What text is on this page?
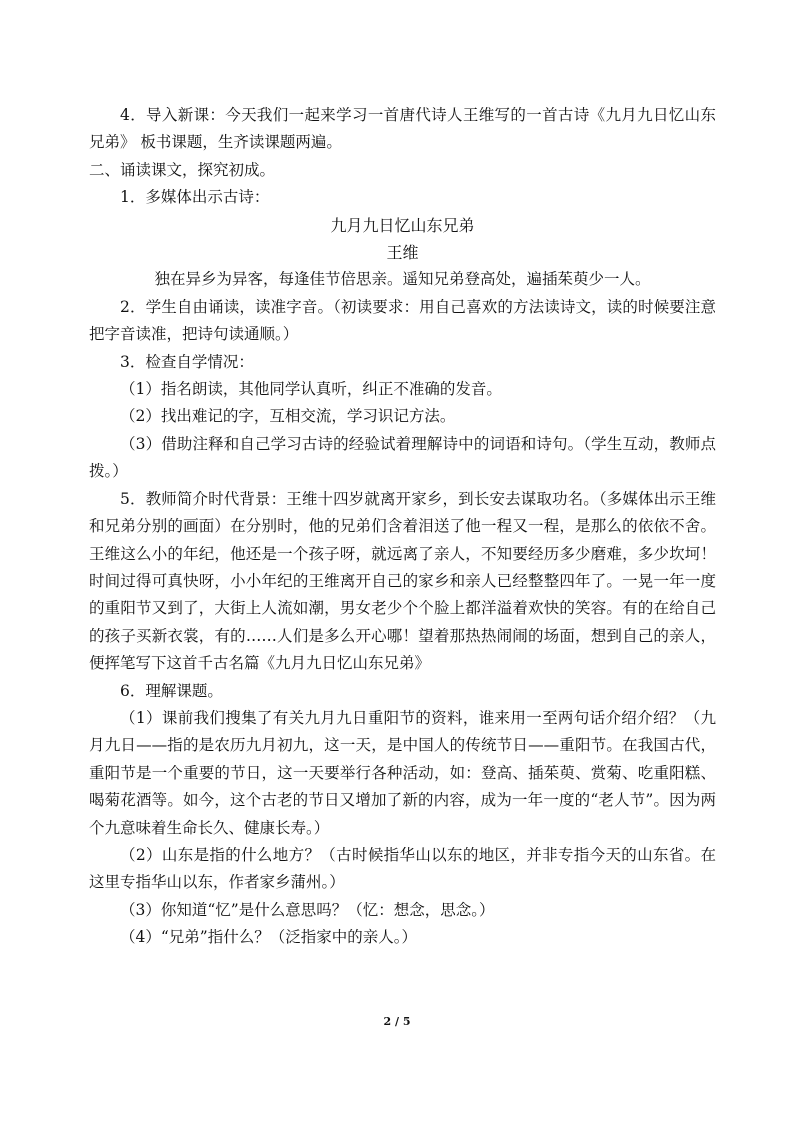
4．导入新课：今天我们一起来学习一首唐代诗人王维写的一首古诗《九月九日忆山东兄弟》 板书课题，生齐读课题两遍。

二、诵读课文，探究初成。

1．多媒体出示古诗：

九月九日忆山东兄弟

王维

独在异乡为异客，每逢佳节倍思亲。遥知兄弟登高处，遍插茱萸少一人。

2．学生自由诵读，读准字音。（初读要求：用自己喜欢的方法读诗文，读的时候要注意把字音读准，把诗句读通顺。）

3．检查自学情况：

（1）指名朗读，其他同学认真听，纠正不准确的发音。

（2）找出难记的字，互相交流，学习识记方法。

（3）借助注释和自己学习古诗的经验试着理解诗中的词语和诗句。（学生互动，教师点拨。）

5．教师简介时代背景：王维十四岁就离开家乡，到长安去谋取功名。（多媒体出示王维和兄弟分别的画面）在分别时，他的兄弟们含着泪送了他一程又一程，是那么的依依不舍。王维这么小的年纪，他还是一个孩子呀，就远离了亲人，不知要经历多少磨难，多少坎坷！时间过得可真快呀，小小年纪的王维离开自己的家乡和亲人已经整整四年了。一晃一年一度的重阳节又到了，大街上人流如潮，男女老少个个脸上都洋溢着欢快的笑容。有的在给自己的孩子买新衣裳，有的……人们是多么开心哪！望着那热热闹闹的场面，想到自己的亲人，便挥笔写下这首千古名篇《九月九日忆山东兄弟》

6．理解课题。

（1）课前我们搜集了有关九月九日重阳节的资料，谁来用一至两句话介绍介绍？（九月九日——指的是农历九月初九，这一天，是中国人的传统节日——重阳节。在我国古代，重阳节是一个重要的节日，这一天要举行各种活动，如：登高、插茱萸、赏菊、吃重阳糕、喝菊花酒等。如今，这个古老的节日又增加了新的内容，成为一年一度的“老人节”。因为两个九意味着生命长久、健康长寿。）

（2）山东是指的什么地方？（古时候指华山以东的地区，并非专指今天的山东省。在这里专指华山以东，作者家乡蒲州。）

（3）你知道“忆”是什么意思吗？（忆：想念，思念。）

（4）“兄弟”指什么？（泛指家中的亲人。）

2 / 5
